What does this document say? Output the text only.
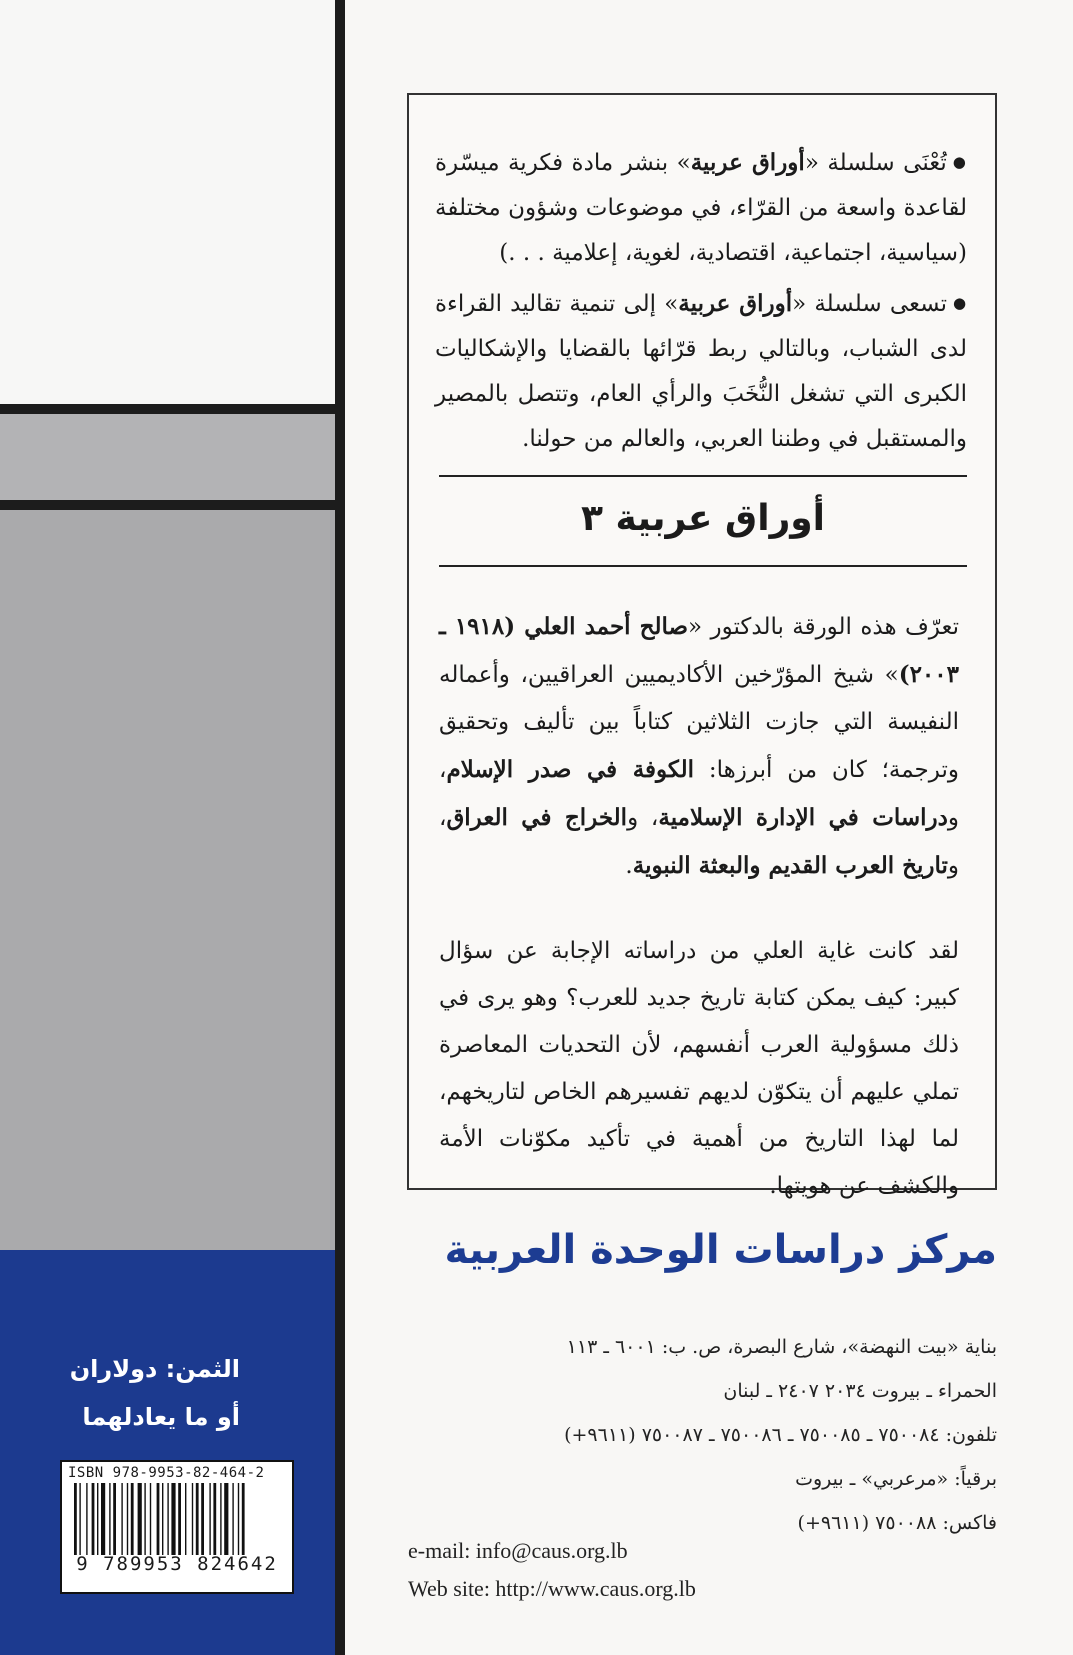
الثمن: دولاران
أو ما يعادلهما
ISBN 978-9953-82-464-2
9 789953 824642

● تُعْنَى سلسلة «أوراق عربية» بنشر مادة فكرية ميسّرة لقاعدة واسعة من القرّاء، في موضوعات وشؤون مختلفة (سياسية، اجتماعية، اقتصادية، لغوية، إعلامية . . .)

● تسعى سلسلة «أوراق عربية» إلى تنمية تقاليد القراءة لدى الشباب، وبالتالي ربط قرّائها بالقضايا والإشكاليات الكبرى التي تشغل النُّخَبَ والرأي العام، وتتصل بالمصير والمستقبل في وطننا العربي، والعالم من حولنا.

أوراق عربية ٣

تعرّف هذه الورقة بالدكتور «صالح أحمد العلي (١٩١٨ ـ ٢٠٠٣)» شيخ المؤرّخين الأكاديميين العراقيين، وأعماله النفيسة التي جازت الثلاثين كتاباً بين تأليف وتحقيق وترجمة؛ كان من أبرزها: الكوفة في صدر الإسلام، ودراسات في الإدارة الإسلامية، والخراج في العراق، وتاريخ العرب القديم والبعثة النبوية.

لقد كانت غاية العلي من دراساته الإجابة عن سؤال كبير: كيف يمكن كتابة تاريخ جديد للعرب؟ وهو يرى في ذلك مسؤولية العرب أنفسهم، لأن التحديات المعاصرة تملي عليهم أن يتكوّن لديهم تفسيرهم الخاص لتاريخهم، لما لهذا التاريخ من أهمية في تأكيد مكوّنات الأمة والكشف عن هويتها.

مركز دراسات الوحدة العربية
بناية «بيت النهضة»، شارع البصرة، ص. ب: ٦٠٠١ ـ ١١٣
الحمراء ـ بيروت ٢٠٣٤ ٢٤٠٧ ـ لبنان
تلفون: ٧٥٠٠٨٤ ـ ٧٥٠٠٨٥ ـ ٧٥٠٠٨٦ ـ ٧٥٠٠٨٧ (٩٦١١+)
برقياً: «مرعربي» ـ بيروت
فاكس: ٧٥٠٠٨٨ (٩٦١١+)
e-mail: info@caus.org.lb
Web site: http://www.caus.org.lb
